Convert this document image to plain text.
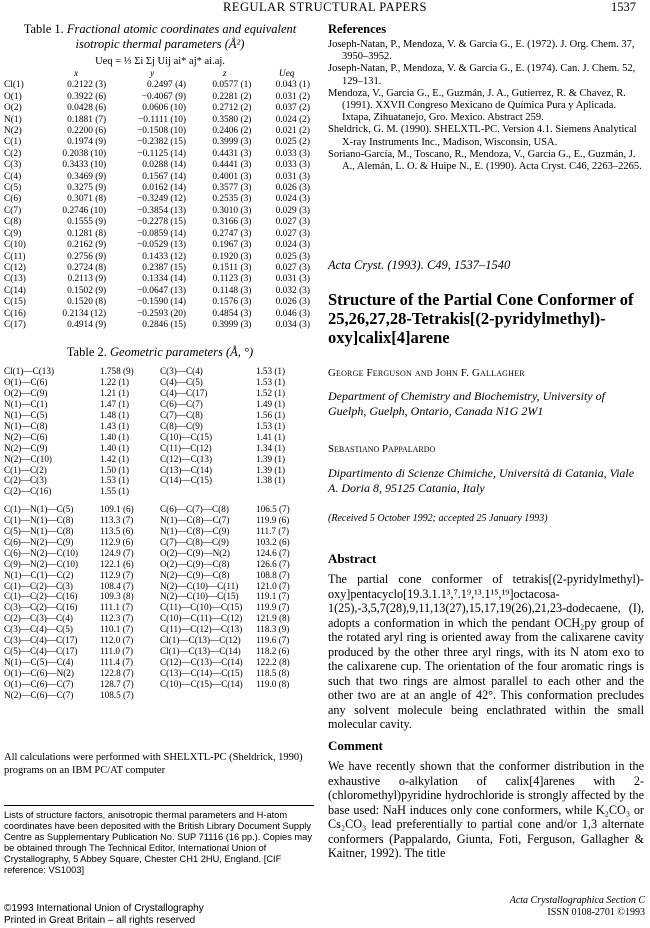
REGULAR STRUCTURAL PAPERS	1537
Table 1. Fractional atomic coordinates and equivalent isotropic thermal parameters (Å²)
Ueq = ⅓ Σi Σj Uij ai* aj* ai.aj.
	x	y	z	Ueq
Cl(1)	0.2122 (3)	0.2497 (4)	0.0577 (1)	0.043 (1)
O(1)	0.3922 (6)	−0.4067 (9)	0.2281 (2)	0.031 (2)
O(2)	0.0428 (6)	0.0606 (10)	0.2712 (2)	0.037 (2)
N(1)	0.1881 (7)	−0.1111 (10)	0.3580 (2)	0.024 (2)
N(2)	0.2200 (6)	−0.1508 (10)	0.2406 (2)	0.021 (2)
C(1)	0.1974 (9)	−0.2382 (15)	0.3999 (3)	0.025 (2)
C(2)	0.2038 (10)	−0.1125 (14)	0.4431 (3)	0.033 (3)
C(3)	0.3433 (10)	0.0288 (14)	0.4441 (3)	0.033 (3)
C(4)	0.3469 (9)	0.1567 (14)	0.4001 (3)	0.031 (3)
C(5)	0.3275 (9)	0.0162 (14)	0.3577 (3)	0.026 (3)
C(6)	0.3071 (8)	−0.3249 (12)	0.2535 (3)	0.024 (3)
C(7)	0.2746 (10)	−0.3854 (13)	0.3010 (3)	0.029 (3)
C(8)	0.1555 (9)	−0.2278 (15)	0.3166 (3)	0.027 (3)
C(9)	0.1281 (8)	−0.0859 (14)	0.2747 (3)	0.027 (3)
C(10)	0.2162 (9)	−0.0529 (13)	0.1967 (3)	0.024 (3)
C(11)	0.2756 (9)	0.1433 (12)	0.1920 (3)	0.025 (3)
C(12)	0.2724 (8)	0.2387 (15)	0.1511 (3)	0.027 (3)
C(13)	0.2113 (9)	0.1334 (14)	0.1123 (3)	0.031 (3)
C(14)	0.1502 (9)	−0.0647 (13)	0.1148 (3)	0.032 (3)
C(15)	0.1520 (8)	−0.1590 (14)	0.1576 (3)	0.026 (3)
C(16)	0.2134 (12)	−0.2593 (20)	0.4854 (3)	0.046 (3)
C(17)	0.4914 (9)	0.2846 (15)	0.3999 (3)	0.034 (3)
Table 2. Geometric parameters (Å, °)
Cl(1)—C(13)	1.758 (9)	C(3)—C(4)	1.53 (1)
O(1)—C(6)	1.22 (1)	C(4)—C(5)	1.53 (1)
O(2)—C(9)	1.21 (1)	C(4)—C(17)	1.52 (1)
N(1)—C(1)	1.47 (1)	C(6)—C(7)	1.49 (1)
N(1)—C(5)	1.48 (1)	C(7)—C(8)	1.56 (1)
N(1)—C(8)	1.43 (1)	C(8)—C(9)	1.53 (1)
N(2)—C(6)	1.40 (1)	C(10)—C(15)	1.41 (1)
N(2)—C(9)	1.40 (1)	C(11)—C(12)	1.34 (1)
N(2)—C(10)	1.42 (1)	C(12)—C(13)	1.39 (1)
C(1)—C(2)	1.50 (1)	C(13)—C(14)	1.39 (1)
C(2)—C(3)	1.53 (1)	C(14)—C(15)	1.38 (1)
C(2)—C(16)	1.55 (1)		

C(1)—N(1)—C(5)	109.1 (6)	C(6)—C(7)—C(8)	106.5 (7)
C(1)—N(1)—C(8)	113.3 (7)	N(1)—C(8)—C(7)	119.9 (6)
C(5)—N(1)—C(8)	113.5 (6)	N(1)—C(8)—C(9)	111.7 (7)
C(6)—N(2)—C(9)	112.9 (6)	C(7)—C(8)—C(9)	103.2 (6)
C(6)—N(2)—C(10)	124.9 (7)	O(2)—C(9)—N(2)	124.6 (7)
C(9)—N(2)—C(10)	122.1 (6)	O(2)—C(9)—C(8)	126.6 (7)
N(1)—C(1)—C(2)	112.9 (7)	N(2)—C(9)—C(8)	108.8 (7)
C(1)—C(2)—C(3)	108.4 (7)	N(2)—C(10)—C(11)	121.0 (7)
C(1)—C(2)—C(16)	109.3 (8)	N(2)—C(10)—C(15)	119.1 (7)
C(3)—C(2)—C(16)	111.1 (7)	C(11)—C(10)—C(15)	119.9 (7)
C(2)—C(3)—C(4)	112.3 (7)	C(10)—C(11)—C(12)	121.9 (8)
C(3)—C(4)—C(5)	110.1 (7)	C(11)—C(12)—C(13)	118.3 (9)
C(3)—C(4)—C(17)	112.0 (7)	Cl(1)—C(13)—C(12)	119.6 (7)
C(5)—C(4)—C(17)	111.0 (7)	Cl(1)—C(13)—C(14)	118.2 (6)
N(1)—C(5)—C(4)	111.4 (7)	C(12)—C(13)—C(14)	122.2 (8)
O(1)—C(6)—N(2)	122.8 (7)	C(13)—C(14)—C(15)	118.5 (8)
O(1)—C(6)—C(7)	128.7 (7)	C(10)—C(15)—C(14)	119.0 (8)
N(2)—C(6)—C(7)	108.5 (7)		
All calculations were performed with SHELXTL-PC (Sheldrick, 1990) programs on an IBM PC/AT computer
Lists of structure factors, anisotropic thermal parameters and H-atom coordinates have been deposited with the British Library Document Supply Centre as Supplementary Publication No. SUP 71116 (16 pp.). Copies may be obtained through The Technical Editor, International Union of Crystallography, 5 Abbey Square, Chester CH1 2HU, England. [CIF reference: VS1003]
©1993 International Union of Crystallography
Printed in Great Britain – all rights reserved
References

Joseph-Natan, P., Mendoza, V. & Garcia G., E. (1972). J. Org. Chem. 37, 3950–3952.

Joseph-Natan, P., Mendoza, V. & Garcia G., E. (1974). Can. J. Chem. 52, 129–131.

Mendoza, V., Garcia G., E., Guzmán, J. A., Gutierrez, R. & Chavez, R. (1991). XXVII Congreso Mexicano de Química Pura y Aplicada. Ixtapa, Zihuatanejo, Gro. Mexico. Abstract 259.

Sheldrick, G. M. (1990). SHELXTL-PC. Version 4.1. Siemens Analytical X-ray Instruments Inc., Madison, Wisconsin, USA.

Soriano-García, M., Toscano, R., Mendoza, V., Garcia G., E., Guzmán, J. A., Alemán, L. O. & Huipe N., E. (1990). Acta Cryst. C46, 2263–2265.

Acta Cryst. (1993). C49, 1537–1540
Structure of the Partial Cone Conformer of 25,26,27,28-Tetrakis[(2-pyridylmethyl)-oxy]calix[4]arene
George Ferguson and John F. Gallagher
Department of Chemistry and Biochemistry, University of Guelph, Guelph, Ontario, Canada N1G 2W1
Sebastiano Pappalardo
Dipartimento di Scienze Chimiche, Università di Catania, Viale A. Doria 8, 95125 Catania, Italy
(Received 5 October 1992; accepted 25 January 1993)
Abstract
The partial cone conformer of tetrakis[(2-pyridylmethyl)-oxy]pentacyclo[19.3.1.1³,⁷.1⁹,¹³.1¹⁵,¹⁹]octacosa-1(25),-3,5,7(28),9,11,13(27),15,17,19(26),21,23-dodecaene, (I), adopts a conformation in which the pendant OCH₂py group of the rotated aryl ring is oriented away from the calixarene cavity produced by the other three aryl rings, with its N atom exo to the calixarene cup. The orientation of the four aromatic rings is such that two rings are almost parallel to each other and the other two are at an angle of 42°. This conformation precludes any solvent molecule being enclathrated within the small molecular cavity.
Comment
We have recently shown that the conformer distribution in the exhaustive o-alkylation of calix[4]arenes with 2-(chloromethyl)pyridine hydrochloride is strongly affected by the base used: NaH induces only cone conformers, while K₂CO₃ or Cs₂CO₃ lead preferentially to partial cone and/or 1,3 alternate conformers (Pappalardo, Giunta, Foti, Ferguson, Gallagher & Kaitner, 1992). The title
Acta Crystallographica Section C
ISSN 0108-2701 ©1993
